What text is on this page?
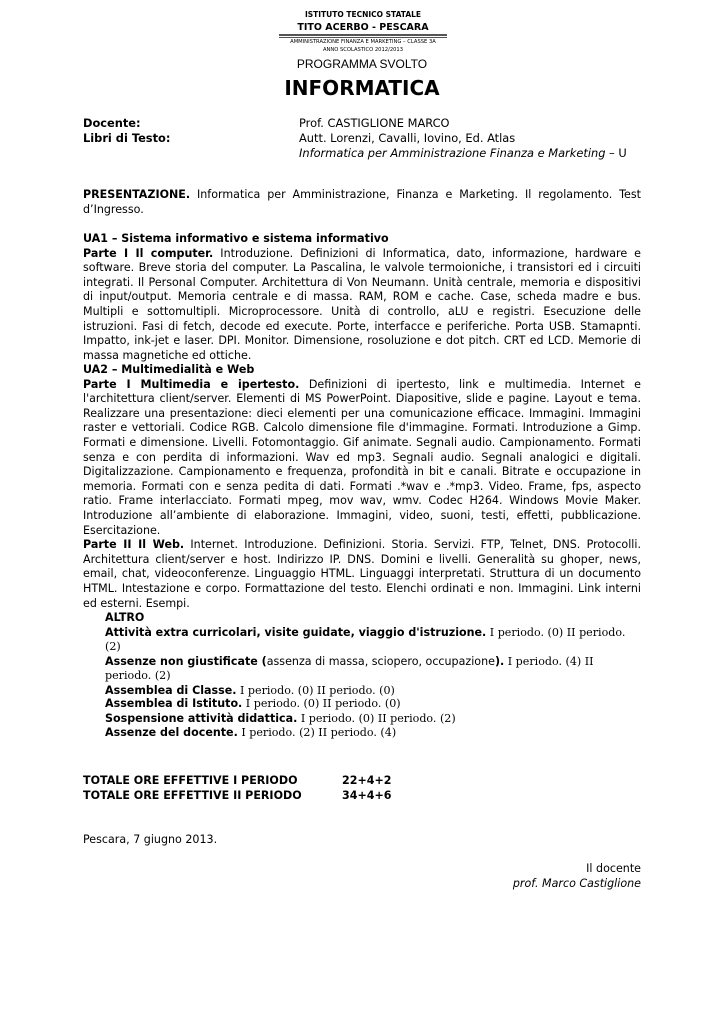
ISTITUTO TECNICO STATALE
TITO ACERBO - PESCARA
AMMINISTRAZIONE FINANZA E MARKETING – CLASSE 3A
ANNO SCOLASTICO 2012/2013
PROGRAMMA SVOLTO
INFORMATICA
Docente:	Prof. CASTIGLIONE MARCO
Libri di Testo:	Autt. Lorenzi, Cavalli, Iovino, Ed. Atlas
Informatica per Amministrazione Finanza e Marketing – U

PRESENTAZIONE. Informatica per Amministrazione, Finanza e Marketing. Il regolamento. Test d’Ingresso.

UA1 – Sistema informativo e sistema informativo

Parte I Il computer. Introduzione. Definizioni di Informatica, dato, informazione, hardware e software. Breve storia del computer. La Pascalina, le valvole termoioniche, i transistori ed i circuiti integrati. Il Personal Computer. Architettura di Von Neumann. Unità centrale, memoria e dispositivi di input/output. Memoria centrale e di massa. RAM, ROM e cache. Case, scheda madre e bus. Multipli e sottomultipli. Microprocessore. Unità di controllo, aLU e registri. Esecuzione delle istruzioni. Fasi di fetch, decode ed execute. Porte, interfacce e periferiche. Porta USB. Stamapnti. Impatto, ink-jet e laser. DPI. Monitor. Dimensione, rosoluzione e dot pitch. CRT ed LCD. Memorie di massa magnetiche ed ottiche.

UA2 – Multimedialità e Web

Parte I Multimedia e ipertesto. Definizioni di ipertesto, link e multimedia. Internet e l'architettura client/server. Elementi di MS PowerPoint. Diapositive, slide e pagine. Layout e tema. Realizzare una presentazione: dieci elementi per una comunicazione efficace. Immagini. Immagini raster e vettoriali. Codice RGB. Calcolo dimensione file d'immagine. Formati. Introduzione a Gimp. Formati e dimensione. Livelli. Fotomontaggio. Gif animate. Segnali audio. Campionamento. Formati senza e con perdita di informazioni. Wav ed mp3. Segnali audio. Segnali analogici e digitali. Digitalizzazione. Campionamento e frequenza, profondità in bit e canali. Bitrate e occupazione in memoria. Formati con e senza pedita di dati. Formati .*wav e .*mp3. Video. Frame, fps, aspecto ratio. Frame interlacciato. Formati mpeg, mov wav, wmv. Codec H264. Windows Movie Maker. Introduzione all’ambiente di elaborazione. Immagini, video, suoni, testi, effetti, pubblicazione. Esercitazione.

Parte II Il Web. Internet. Introduzione. Definizioni. Storia. Servizi. FTP, Telnet, DNS. Protocolli. Architettura client/server e host. Indirizzo IP. DNS. Domini e livelli. Generalità su ghoper, news, email, chat, videoconferenze. Linguaggio HTML. Linguaggi interpretati. Struttura di un documento HTML. Intestazione e corpo. Formattazione del testo. Elenchi ordinati e non. Immagini. Link interni ed esterni. Esempi.

ALTRO

Attività extra curricolari, visite guidate, viaggio d'istruzione. I periodo. (0) II periodo. (2)

Assenze non giustificate (assenza di massa, sciopero, occupazione). I periodo. (4) II periodo. (2)

Assemblea di Classe. I periodo. (0) II periodo. (0)

Assemblea di Istituto. I periodo. (0) II periodo. (0)

Sospensione attività didattica. I periodo. (0) II periodo. (2)

Assenze del docente. I periodo. (2) II periodo. (4)

TOTALE ORE EFFETTIVE I PERIODO	22+4+2
TOTALE ORE EFFETTIVE II PERIODO	34+4+6
Pescara, 7 giugno 2013.
Il docente
prof. Marco Castiglione
